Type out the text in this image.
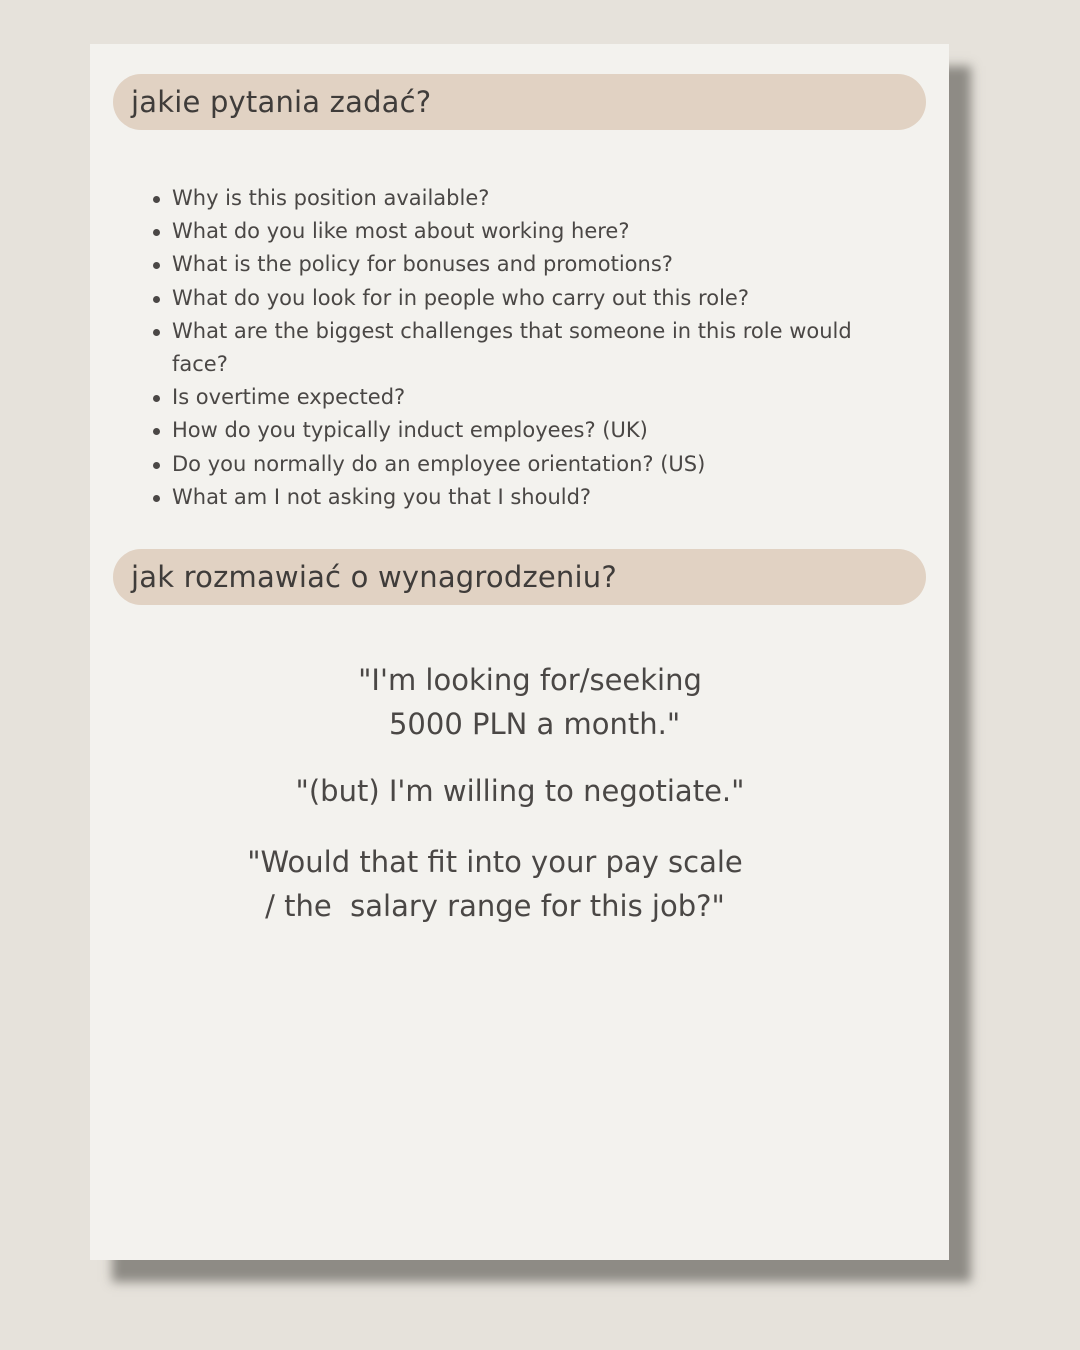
jakie pytania zadać?
Why is this position available?
What do you like most about working here?
What is the policy for bonuses and promotions?
What do you look for in people who carry out this role?
What are the biggest challenges that someone in this role would face?
Is overtime expected?
How do you typically induct employees? (UK)
Do you normally do an employee orientation? (US)
What am I not asking you that I should?
jak rozmawiać o wynagrodzeniu?
"I'm looking for/seeking
5000 PLN a month."
"(but) I'm willing to negotiate."
"Would that fit into your pay scale
/ the  salary range for this job?"
